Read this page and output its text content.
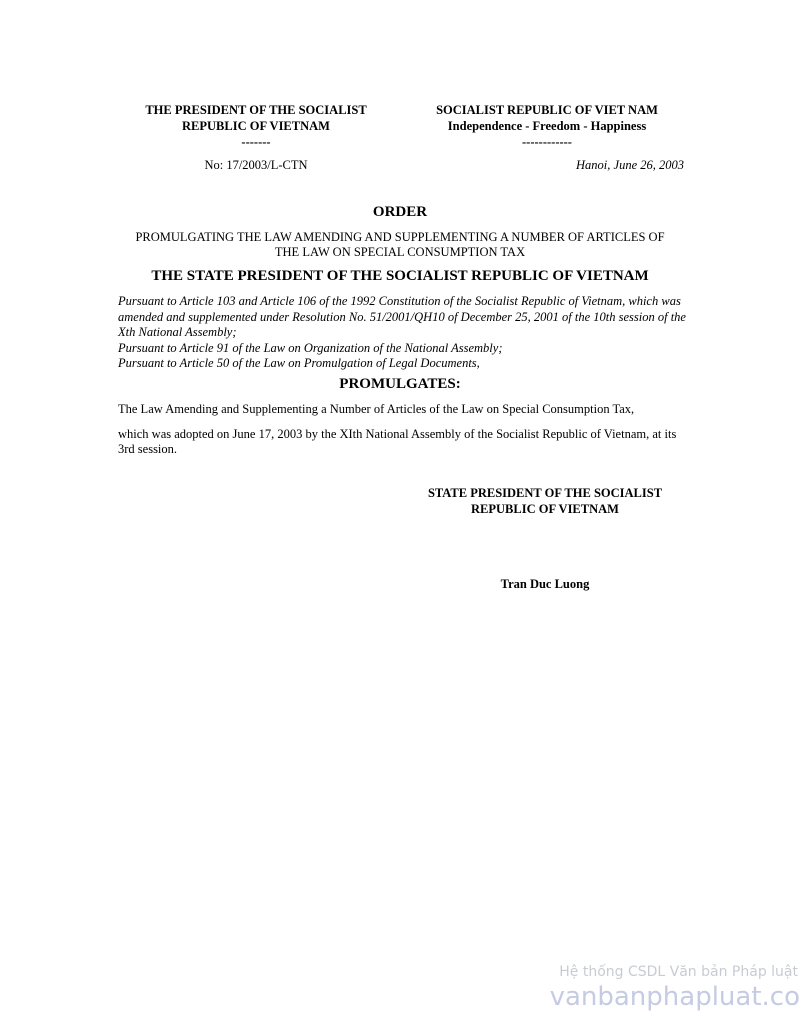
THE PRESIDENT OF THE SOCIALIST
REPUBLIC OF VIETNAM
-------
SOCIALIST REPUBLIC OF VIET NAM
Independence - Freedom - Happiness
------------
No: 17/2003/L-CTN	Hanoi, June 26, 2003
ORDER
PROMULGATING THE LAW AMENDING AND SUPPLEMENTING A NUMBER OF ARTICLES OF
THE LAW ON SPECIAL CONSUMPTION TAX
THE STATE PRESIDENT OF THE SOCIALIST REPUBLIC OF VIETNAM

Pursuant to Article 103 and Article 106 of the 1992 Constitution of the Socialist Republic of Vietnam, which was amended and supplemented under Resolution No. 51/2001/QH10 of December 25, 2001 of the 10th session of the Xth National Assembly;

Pursuant to Article 91 of the Law on Organization of the National Assembly;

Pursuant to Article 50 of the Law on Promulgation of Legal Documents,

PROMULGATES:

The Law Amending and Supplementing a Number of Articles of the Law on Special Consumption Tax,

which was adopted on June 17, 2003 by the XIth National Assembly of the Socialist Republic of Vietnam, at its 3rd session.

STATE PRESIDENT OF THE SOCIALIST
REPUBLIC OF VIETNAM
Tran Duc Luong
Hệ thống CSDL Văn bản Pháp luật
vanbanphapluat.co
